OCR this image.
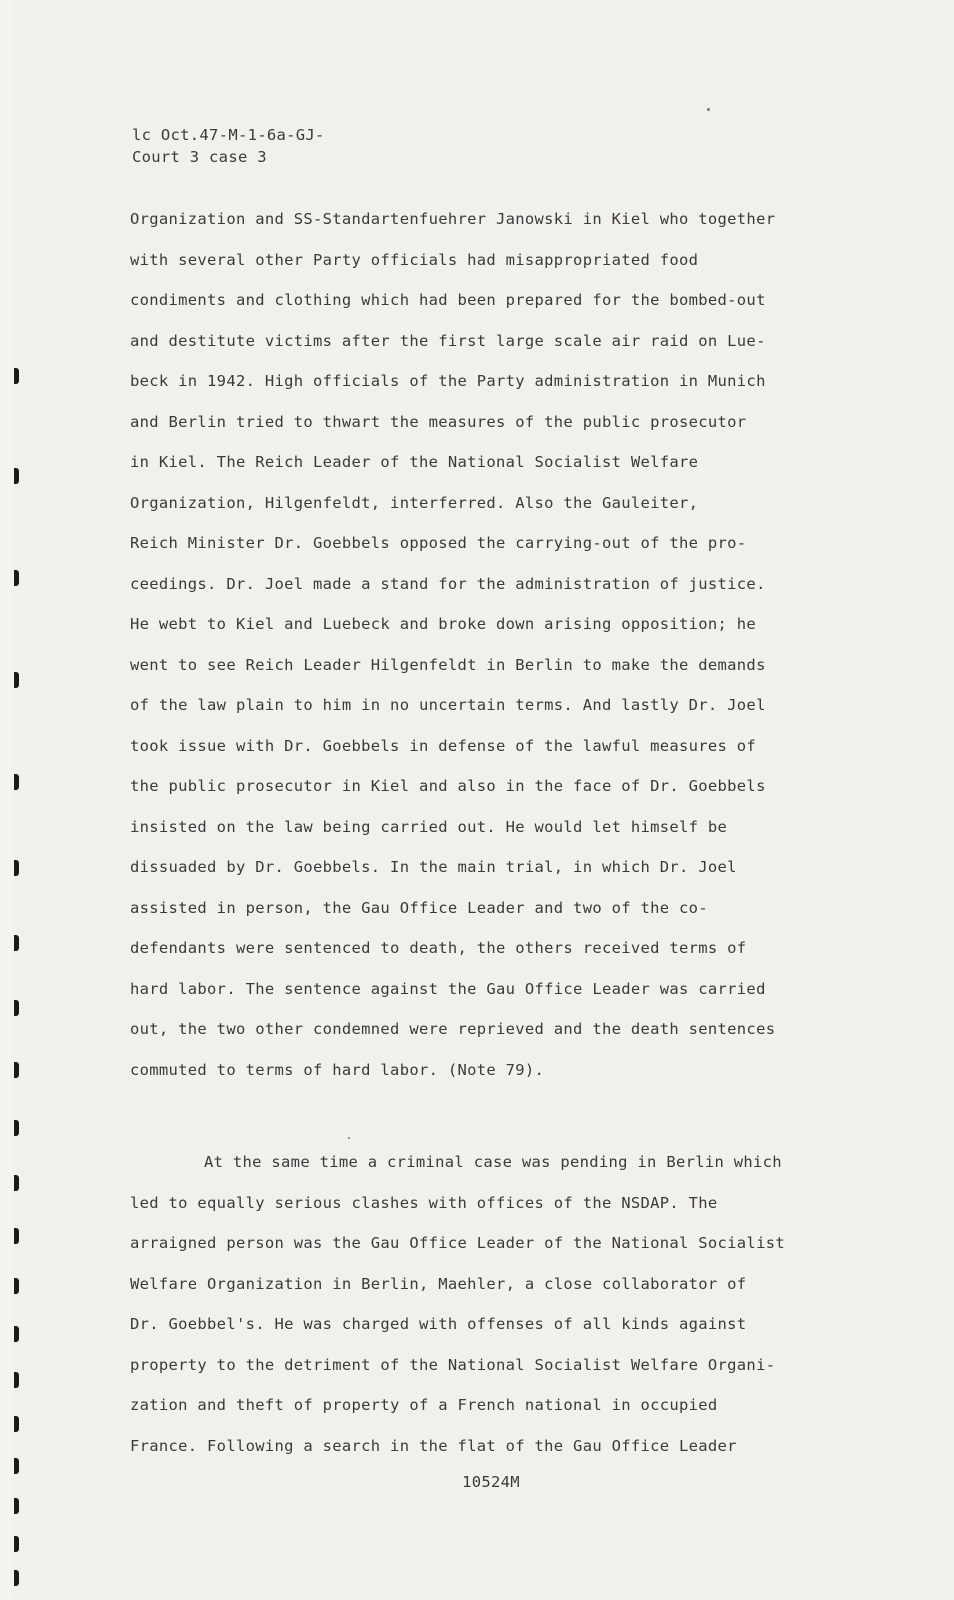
lc Oct.47-M-1-6a-GJ-
Court 3 case 3
Organization and SS-Standartenfuehrer Janowski in Kiel who together
with several other Party officials had misappropriated food
condiments and clothing which had been prepared for the bombed-out
and destitute victims after the first large scale air raid on Lue-
beck in 1942. High officials of the Party administration in Munich
and Berlin tried to thwart the measures of the public prosecutor
in Kiel. The Reich Leader of the National Socialist Welfare
Organization, Hilgenfeldt, interferred. Also the Gauleiter,
Reich Minister Dr. Goebbels opposed the carrying-out of the pro-
ceedings. Dr. Joel made a stand for the administration of justice.
He webt to Kiel and Luebeck and broke down arising opposition; he
went to see Reich Leader Hilgenfeldt in Berlin to make the demands
of the law plain to him in no uncertain terms. And lastly Dr. Joel
took issue with Dr. Goebbels in defense of the lawful measures of
the public prosecutor in Kiel and also in the face of Dr. Goebbels
insisted on the law being carried out. He would let himself be
dissuaded by Dr. Goebbels. In the main trial, in which Dr. Joel
assisted in person, the Gau Office Leader and two of the co-
defendants were sentenced to death, the others received terms of
hard labor. The sentence against the Gau Office Leader was carried
out, the two other condemned were reprieved and the death sentences
commuted to terms of hard labor. (Note 79).
At the same time a criminal case was pending in Berlin which
led to equally serious clashes with offices of the NSDAP. The
arraigned person was the Gau Office Leader of the National Socialist
Welfare Organization in Berlin, Maehler, a close collaborator of
Dr. Goebbel's. He was charged with offenses of all kinds against
property to the detriment of the National Socialist Welfare Organi-
zation and theft of property of a French national in occupied
France. Following a search in the flat of the Gau Office Leader
10524M
